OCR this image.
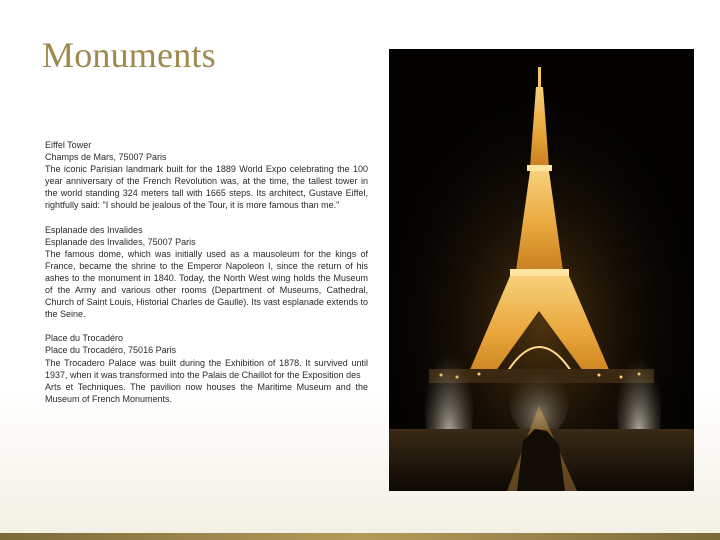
Monuments
Eiffel Tower
Champs de Mars, 75007 Paris
The iconic Parisian landmark built for the 1889 World Expo celebrating the 100 year anniversary of the French Revolution was, at the time, the tallest tower in the world standing 324 meters tall with 1665 steps. Its architect, Gustave Eiffel, rightfully said: "I should be jealous of the Tour, it is more famous than me."
Esplanade des Invalides
Esplanade des Invalides, 75007 Paris
The famous dome, which was initially used as a mausoleum for the kings of France, became the shrine to the Emperor Napoleon I, since the return of his ashes to the monument in 1840. Today, the North West wing holds the Museum of the Army and various other rooms (Department of Museums, Cathedral, Church of Saint Louis, Historial Charles de Gaulle). Its vast esplanade extends to the Seine.
Place du Trocadéro
Place du Trocadéro, 75016 Paris
The Trocadero Palace was built during the Exhibition of 1878. It survived until 1937, when it was transformed into the Palais de Chaillot for the Exposition des
Arts et Techniques. The pavilion now houses the Maritime Museum and the Museum of French Monuments.
